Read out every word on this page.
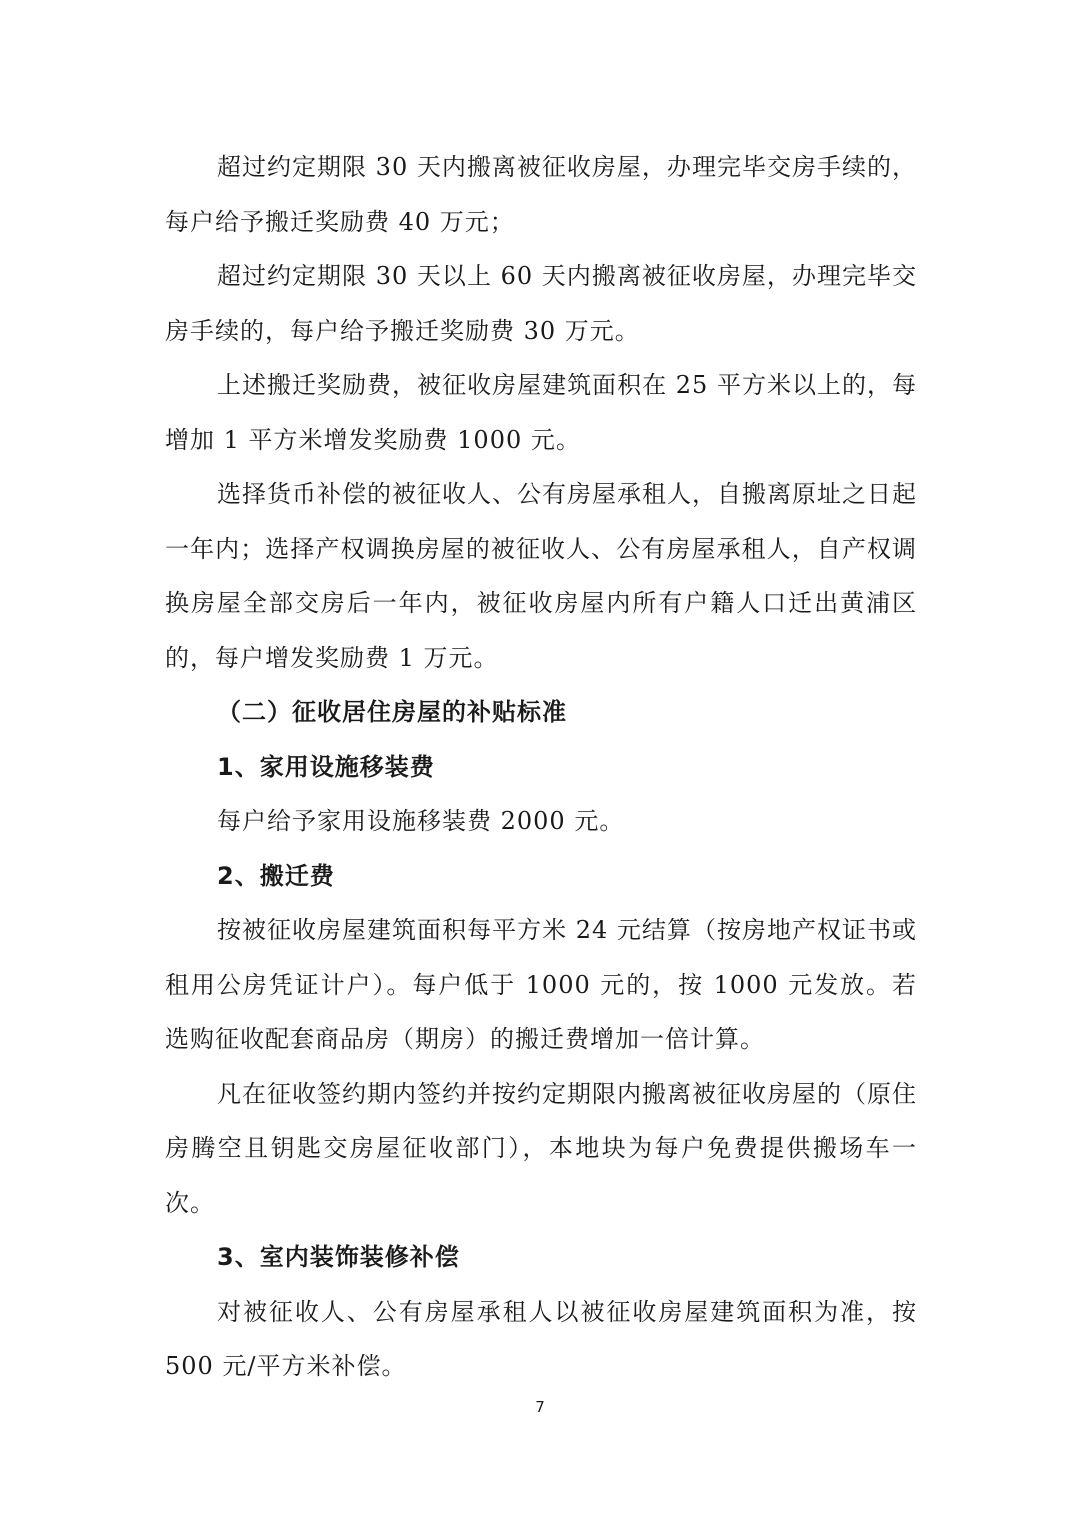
超过约定期限 30 天内搬离被征收房屋，办理完毕交房手续的，每户给予搬迁奖励费 40 万元；

超过约定期限 30 天以上 60 天内搬离被征收房屋，办理完毕交房手续的，每户给予搬迁奖励费 30 万元。

上述搬迁奖励费，被征收房屋建筑面积在 25 平方米以上的，每增加 1 平方米增发奖励费 1000 元。

选择货币补偿的被征收人、公有房屋承租人，自搬离原址之日起一年内；选择产权调换房屋的被征收人、公有房屋承租人，自产权调换房屋全部交房后一年内，被征收房屋内所有户籍人口迁出黄浦区的，每户增发奖励费 1 万元。

（二）征收居住房屋的补贴标准

1、家用设施移装费

每户给予家用设施移装费 2000 元。

2、搬迁费

按被征收房屋建筑面积每平方米 24 元结算（按房地产权证书或租用公房凭证计户）。每户低于 1000 元的，按 1000 元发放。若选购征收配套商品房（期房）的搬迁费增加一倍计算。

凡在征收签约期内签约并按约定期限内搬离被征收房屋的（原住房腾空且钥匙交房屋征收部门），本地块为每户免费提供搬场车一次。

3、室内装饰装修补偿

对被征收人、公有房屋承租人以被征收房屋建筑面积为准，按 500 元/平方米补偿。

7
